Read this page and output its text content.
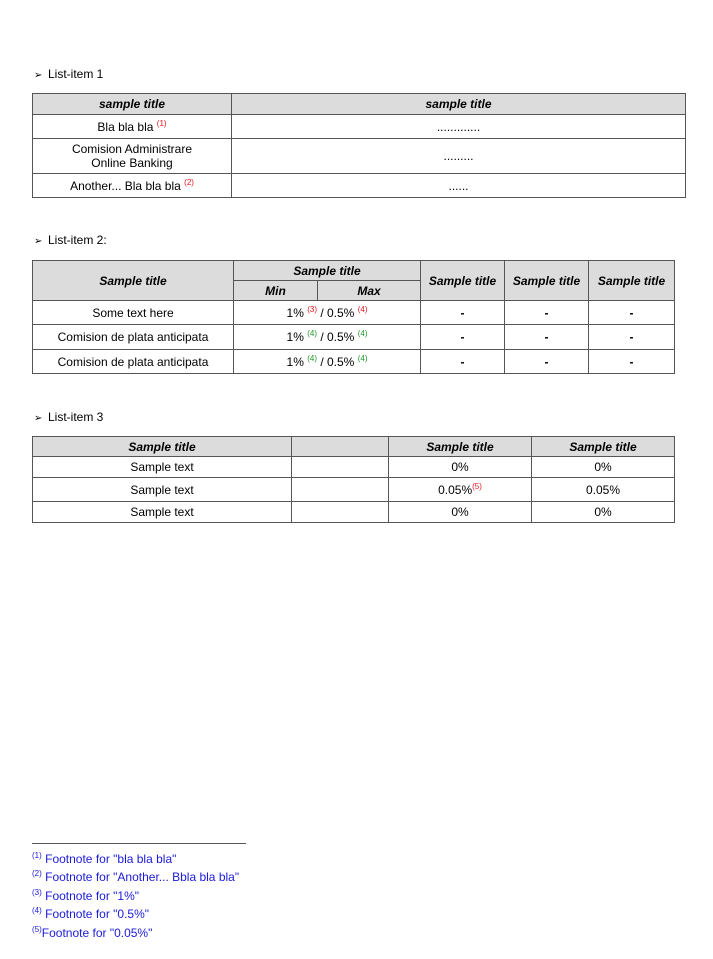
➢ List-item 1
sample title	sample title
Bla bla bla $^{(1)}$	.............
Comision Administrare
Online Banking	.........
Another... Bla bla bla $^{(2)}$	......
➢ List-item 2:
Sample title	Sample title		Sample title	Sample title	Sample title
	Min	Max			
Some text here	1% $^{(3)}$ / 0.5% $^{(4)}$		-	-	-
Comision de plata anticipata	1% $^{(4)}$ / 0.5% $^{(4)}$		-	-	-
Comision de plata anticipata	1% $^{(4)}$ / 0.5% $^{(4)}$		-	-	-
➢ List-item 3
Sample title		Sample title	Sample title
Sample text		0%	0%
Sample text		0.05%$^{(5)}$	0.05%
Sample text		0%	0%
$^{(1)}$ Footnote for "bla bla bla"
$^{(2)}$ Footnote for "Another... Bbla bla bla"
$^{(3)}$ Footnote for "1%"
$^{(4)}$ Footnote for "0.5%"
$^{(5)}$Footnote for "0.05%"
